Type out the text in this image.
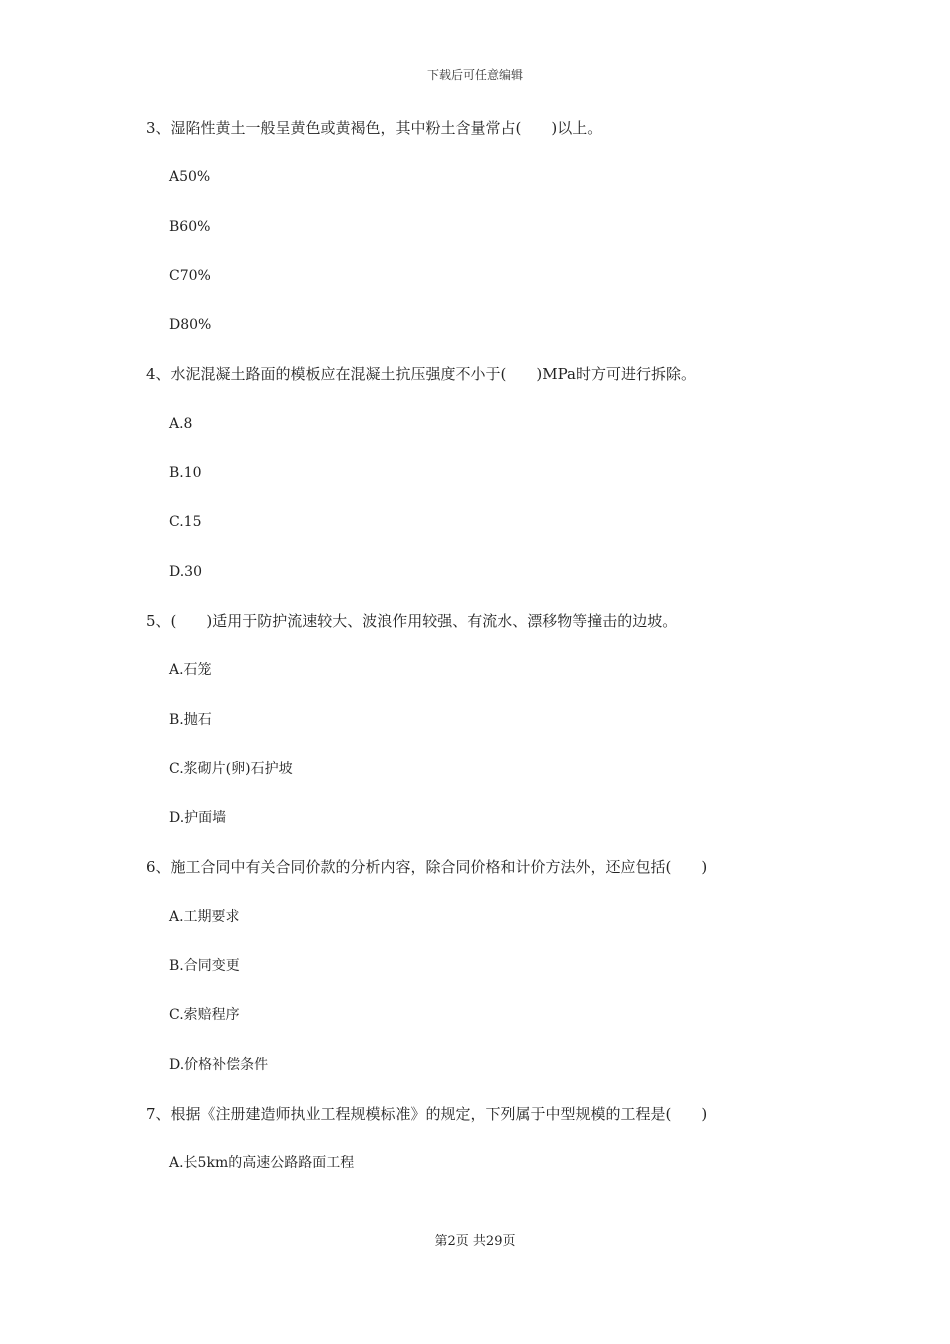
下载后可任意编辑
3、湿陷性黄土一般呈黄色或黄褐色，其中粉土含量常占(　　)以上。
A50%
B60%
C70%
D80%
4、水泥混凝土路面的模板应在混凝土抗压强度不小于(　　)MPa时方可进行拆除。
A.8
B.10
C.15
D.30
5、(　　)适用于防护流速较大、波浪作用较强、有流水、漂移物等撞击的边坡。
A.石笼
B.抛石
C.浆砌片(卵)石护坡
D.护面墙
6、施工合同中有关合同价款的分析内容，除合同价格和计价方法外，还应包括(　　)
A.工期要求
B.合同变更
C.索赔程序
D.价格补偿条件
7、根据《注册建造师执业工程规模标准》的规定，下列属于中型规模的工程是(　　)
A.长5km的高速公路路面工程
第2页 共29页
